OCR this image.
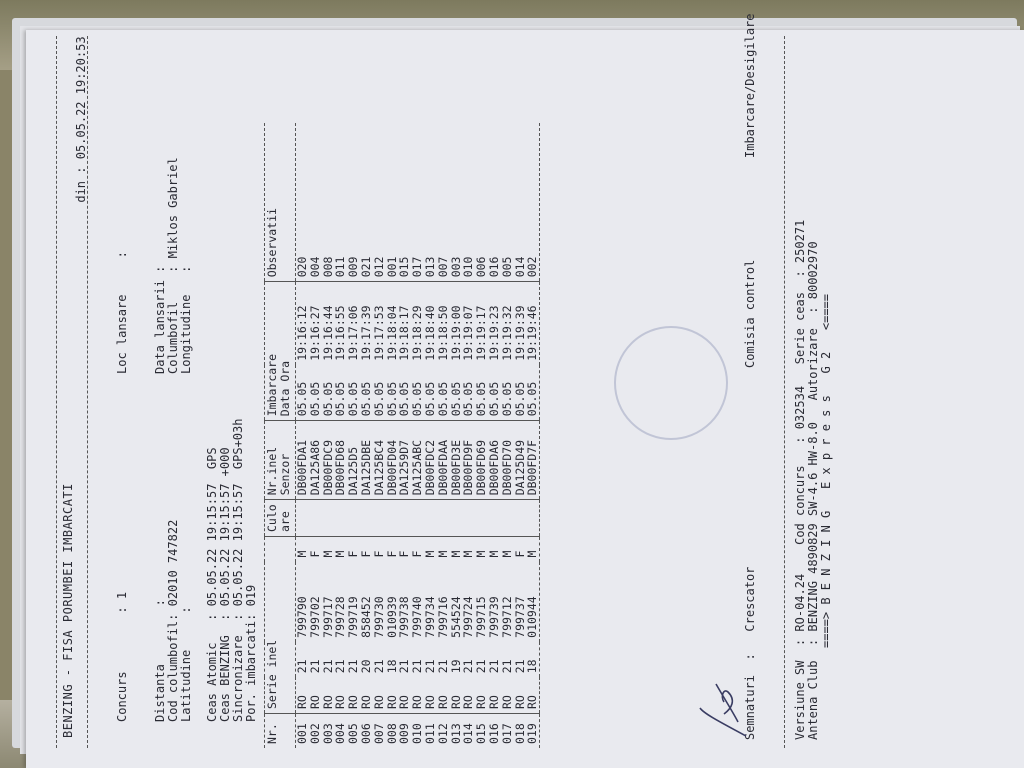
BENZING - FISA PORUMBEI IMBARCATI

din : 05.05.22 19:20:53

Concurs        : 1
Loc lansare     :
Distanta        : Cod columbofil: 02010 747822
Latitudine     :
Data lansarii :
Columbofil    : Miklos Gabriel
Longitudine   :
Ceas Atomic   : 05.05.22 19:15:57  GPS
Ceas BENZING  : 05.05.22 19:15:57 +000
Sincronizare  : 05.05.22 19:15:57  GPS+03h
Por. imbarcati: 019
Nr.	Serie inel				Culo
are	Nr.inel
Senzor	Imbarcare
Data Ora		Observatii
001	RO	21	799790	M		DB00FDA1	05.05	19:16:12	020
002	RO	21	799702	F		DA125A86	05.05	19:16:27	004
003	RO	21	799717	M		DB00FDC9	05.05	19:16:44	008
004	RO	21	799728	M		DB00FD68	05.05	19:16:55	011
005	RO	21	799719	F		DA125D5	05.05	19:17:06	009
006	RO	20	858452	F		DA125DBE	05.05	19:17:39	021
007	RO	21	799730	F		DA125BC4	05.05	19:17:53	012
008	RO	18	010939	F		DB00FD04	05.05	19:18:04	001
009	RO	21	799738	F		DA1259D7	05.05	19:18:17	015
010	RO	21	799740	F		DA125ABC	05.05	19:18:29	017
011	RO	21	799734	M		DB00FDC2	05.05	19:18:40	013
012	RO	21	799716	M		DB00FDAA	05.05	19:18:50	007
013	RO	19	554524	M		DB00FD3E	05.05	19:19:00	003
014	RO	21	799724	M		DB00FD9F	05.05	19:19:07	010
015	RO	21	799715	M		DB00FD69	05.05	19:19:17	006
016	RO	21	799739	M		DB00FDA6	05.05	19:19:23	016
017	RO	21	799712	M		DB00FD70	05.05	19:19:32	005
018	RO	21	799737	F		DA125D49	05.05	19:19:39	014
019	RO	18	010944	M		DB00FD7F	05.05	19:19:46	002
Semnaturi  :   Crescator
Comisia control
Imbarcare/Desigilare
Versiune SW  : RO-04.24    Cod concurs   : 032534   Serie ceas  : 250271
Antena Club  : BENZING 4890829 SW-4.6 HW-8.0   Autorizare  : 80002970
====> B E N Z I N G   E x p r e s s   G 2   <====
